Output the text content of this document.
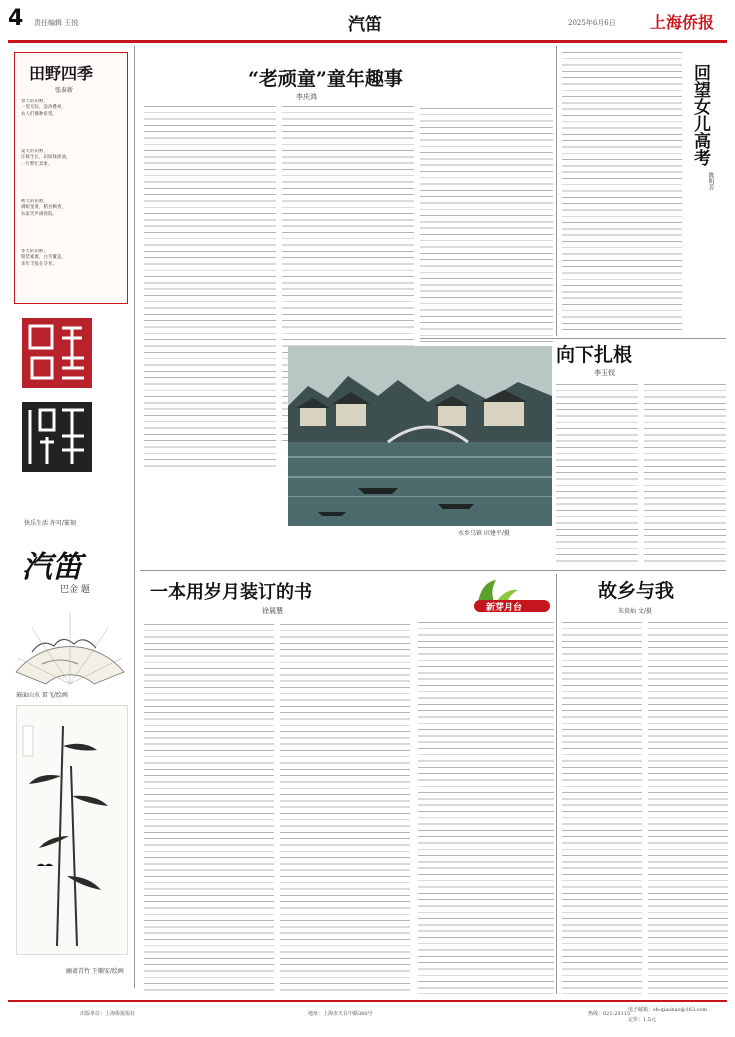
4 责任编辑 王悦	汽笛	2025年6月6日 上海侨报
田野四季
张泰新
春天的田野，
一望无际，浪涛叠翠，
农人们播种希望。
夏天的田野，
庄稼生长，田间绿油油，
一片繁忙景象。
秋天的田野，
满眼金黄，稻谷飘香，
农家笑声满场院。
冬天的田野，
银装素裹，白雪覆盖，
来年丰收在孕育。
快乐生活 许可/篆刻
汽笛
巴金 题
扇面山水 雷飞/绘画
幽斋青竹 王顺安/绘画
“老顽童”童年趣事
李庆鸿
水乡乌镇 田建平/摄
回望女儿高考
陈明芳
向下扎根
李玉钗
一本用岁月装订的书
徐展慧	新芽月台
故乡与我
朱贵灿 文/摄
出版单位：上海侨报报社	地址：上海市天目中路380号	热线：021-23115
电子邮箱：sh-qiaobao@163.com
定价：1.5元
